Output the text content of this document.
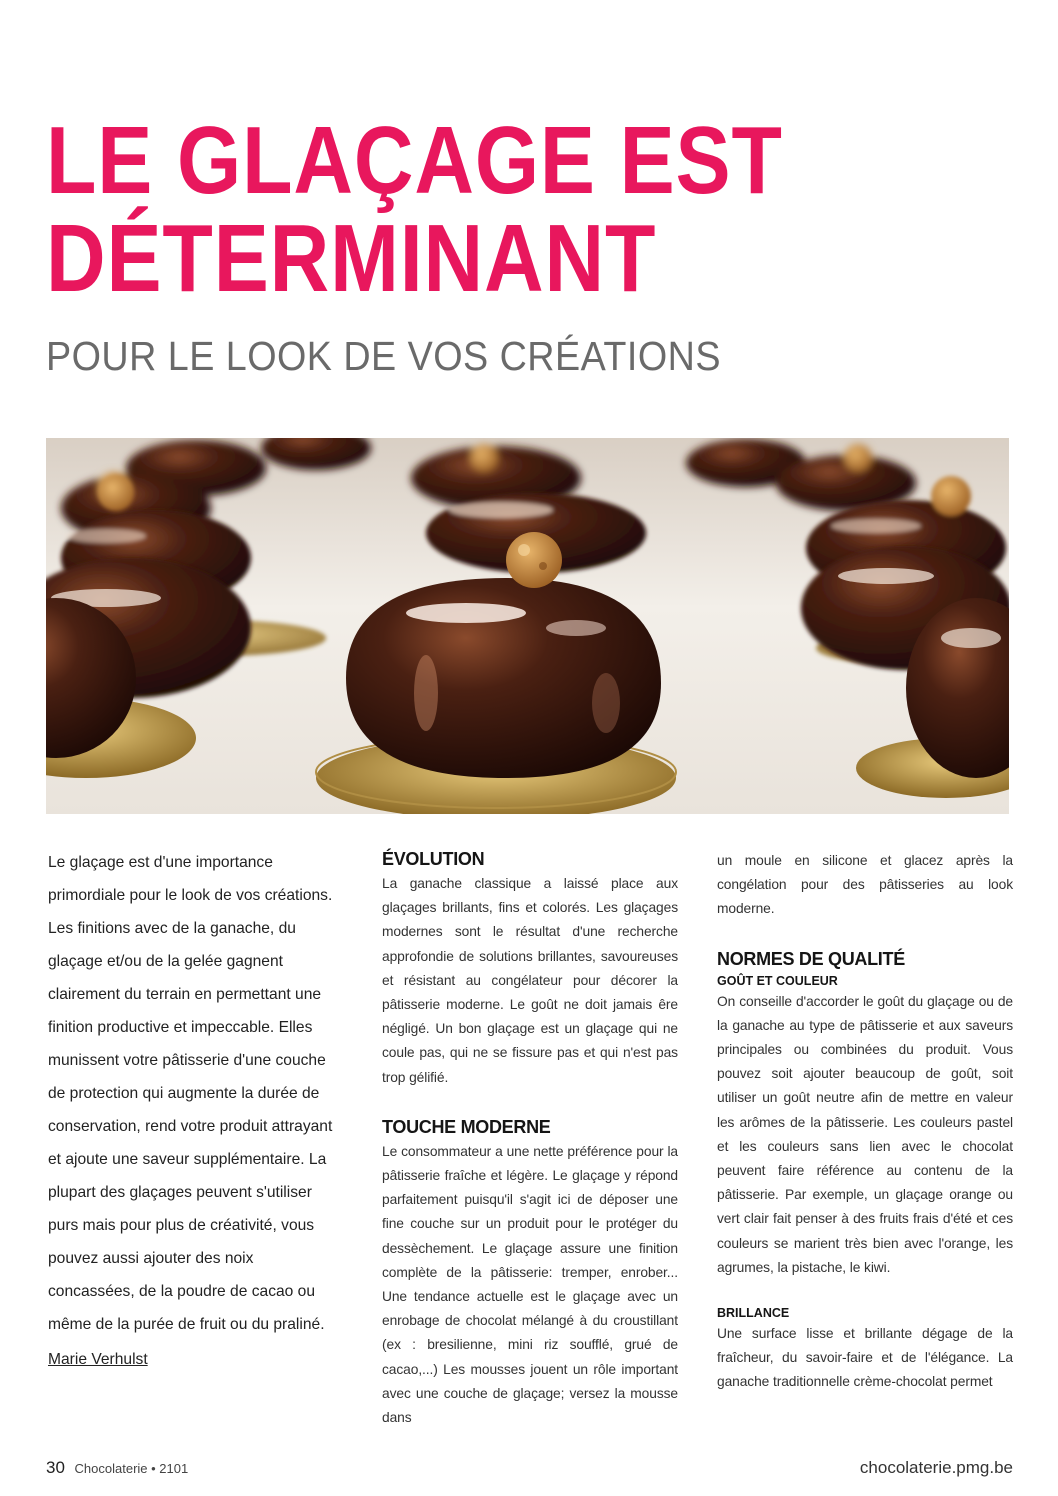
LE GLAÇAGE EST
DÉTERMINANT
POUR LE LOOK DE VOS CRÉATIONS

Le glaçage est d'une importance primordiale pour le look de vos créations. Les finitions avec de la ganache, du glaçage et/ou de la gelée gagnent clairement du terrain en permettant une finition productive et impeccable. Elles munissent votre pâtisserie d'une couche de protection qui augmente la durée de conservation, rend votre produit attrayant et ajoute une saveur supplémentaire. La plupart des glaçages peuvent s'utiliser purs mais pour plus de créativité, vous pouvez aussi ajouter des noix concassées, de la poudre de cacao ou même de la purée de fruit ou du praliné.

Marie Verhulst

ÉVOLUTION

La ganache classique a laissé place aux glaçages brillants, fins et colorés. Les glaçages modernes sont le résultat d'une recherche approfondie de solutions brillantes, savoureuses et résistant au congélateur pour décorer la pâtisserie moderne. Le goût ne doit jamais êre négligé. Un bon glaçage est un glaçage qui ne coule pas, qui ne se fissure pas et qui n'est pas trop gélifié.

TOUCHE MODERNE

Le consommateur a une nette préférence pour la pâtisserie fraîche et légère. Le glaçage y répond parfaitement puisqu'il s'agit ici de déposer une fine couche sur un produit pour le protéger du dessèchement. Le glaçage assure une finition complète de la pâtisserie: tremper, enrober... Une tendance actuelle est le glaçage avec un enrobage de chocolat mélangé à du croustillant (ex : bresilienne, mini riz soufflé, grué de cacao,...) Les mousses jouent un rôle important avec une couche de glaçage; versez la mousse dans

un moule en silicone et glacez après la congélation pour des pâtisseries au look moderne.

NORMES DE QUALITÉ
GOÛT ET COULEUR

On conseille d'accorder le goût du glaçage ou de la ganache au type de pâtisserie et aux saveurs principales ou combinées du produit. Vous pouvez soit ajouter beaucoup de goût, soit utiliser un goût neutre afin de mettre en valeur les arômes de la pâtisserie. Les couleurs pastel et les couleurs sans lien avec le chocolat peuvent faire référence au contenu de la pâtisserie. Par exemple, un glaçage orange ou vert clair fait penser à des fruits frais d'été et ces couleurs se marient très bien avec l'orange, les agrumes, la pistache, le kiwi.

BRILLANCE

Une surface lisse et brillante dégage de la fraîcheur, du savoir-faire et de l'élégance. La ganache traditionnelle crème-chocolat permet

30 Chocolaterie • 2101	chocolaterie.pmg.be
